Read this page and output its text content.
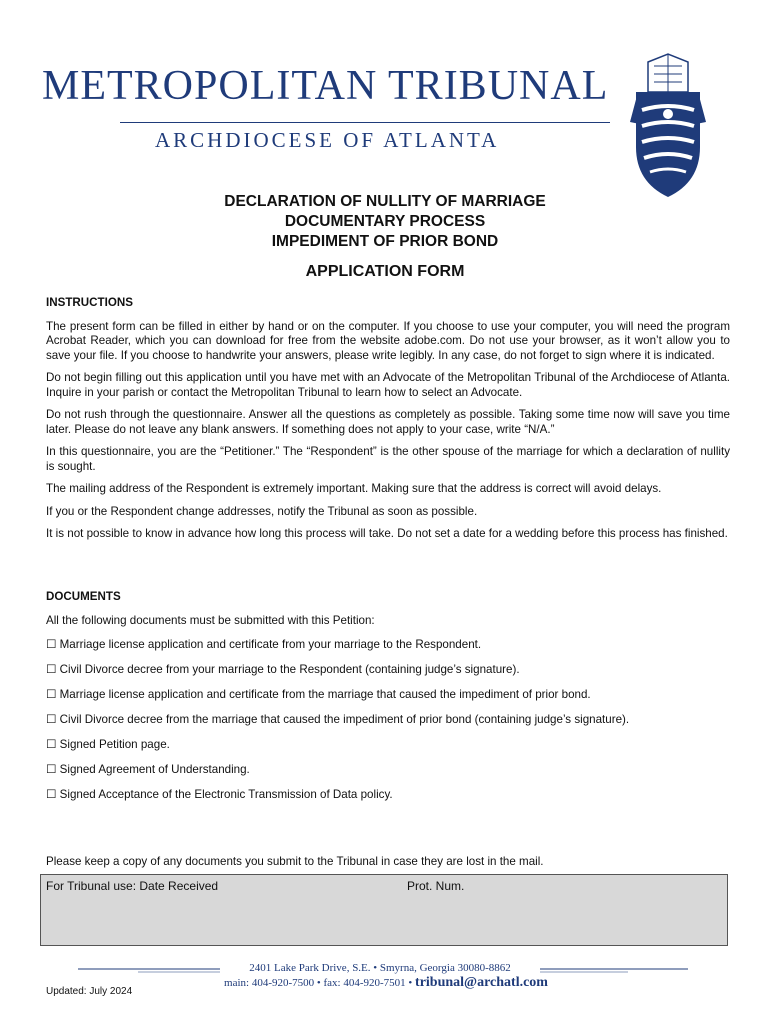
METROPOLITAN TRIBUNAL
ARCHDIOCESE OF ATLANTA
DECLARATION OF NULLITY OF MARRIAGE
DOCUMENTARY PROCESS
IMPEDIMENT OF PRIOR BOND
APPLICATION FORM
INSTRUCTIONS

The present form can be filled in either by hand or on the computer. If you choose to use your computer, you will need the program Acrobat Reader, which you can download for free from the website adobe.com. Do not use your browser, as it won’t allow you to save your file. If you choose to handwrite your answers, please write legibly. In any case, do not forget to sign where it is indicated.

Do not begin filling out this application until you have met with an Advocate of the Metropolitan Tribunal of the Archdiocese of Atlanta. Inquire in your parish or contact the Metropolitan Tribunal to learn how to select an Advocate.

Do not rush through the questionnaire. Answer all the questions as completely as possible. Taking some time now will save you time later. Please do not leave any blank answers. If something does not apply to your case, write “N/A.”

In this questionnaire, you are the “Petitioner.” The “Respondent” is the other spouse of the marriage for which a declaration of nullity is sought.

The mailing address of the Respondent is extremely important. Making sure that the address is correct will avoid delays.

If you or the Respondent change addresses, notify the Tribunal as soon as possible.

It is not possible to know in advance how long this process will take. Do not set a date for a wedding before this process has finished.

DOCUMENTS
All the following documents must be submitted with this Petition:
☐ Marriage license application and certificate from your marriage to the Respondent.
☐ Civil Divorce decree from your marriage to the Respondent (containing judge’s signature).
☐ Marriage license application and certificate from the marriage that caused the impediment of prior bond.
☐ Civil Divorce decree from the marriage that caused the impediment of prior bond (containing judge’s signature).
☐ Signed Petition page.
☐ Signed Agreement of Understanding.
☐ Signed Acceptance of the Electronic Transmission of Data policy.
Please keep a copy of any documents you submit to the Tribunal in case they are lost in the mail.
For Tribunal use: Date Received	Prot. Num.
2401 Lake Park Drive, S.E. • Smyrna, Georgia 30080-8862
main: 404-920-7500 • fax: 404-920-7501 • tribunal@archatl.com
Updated: July 2024
